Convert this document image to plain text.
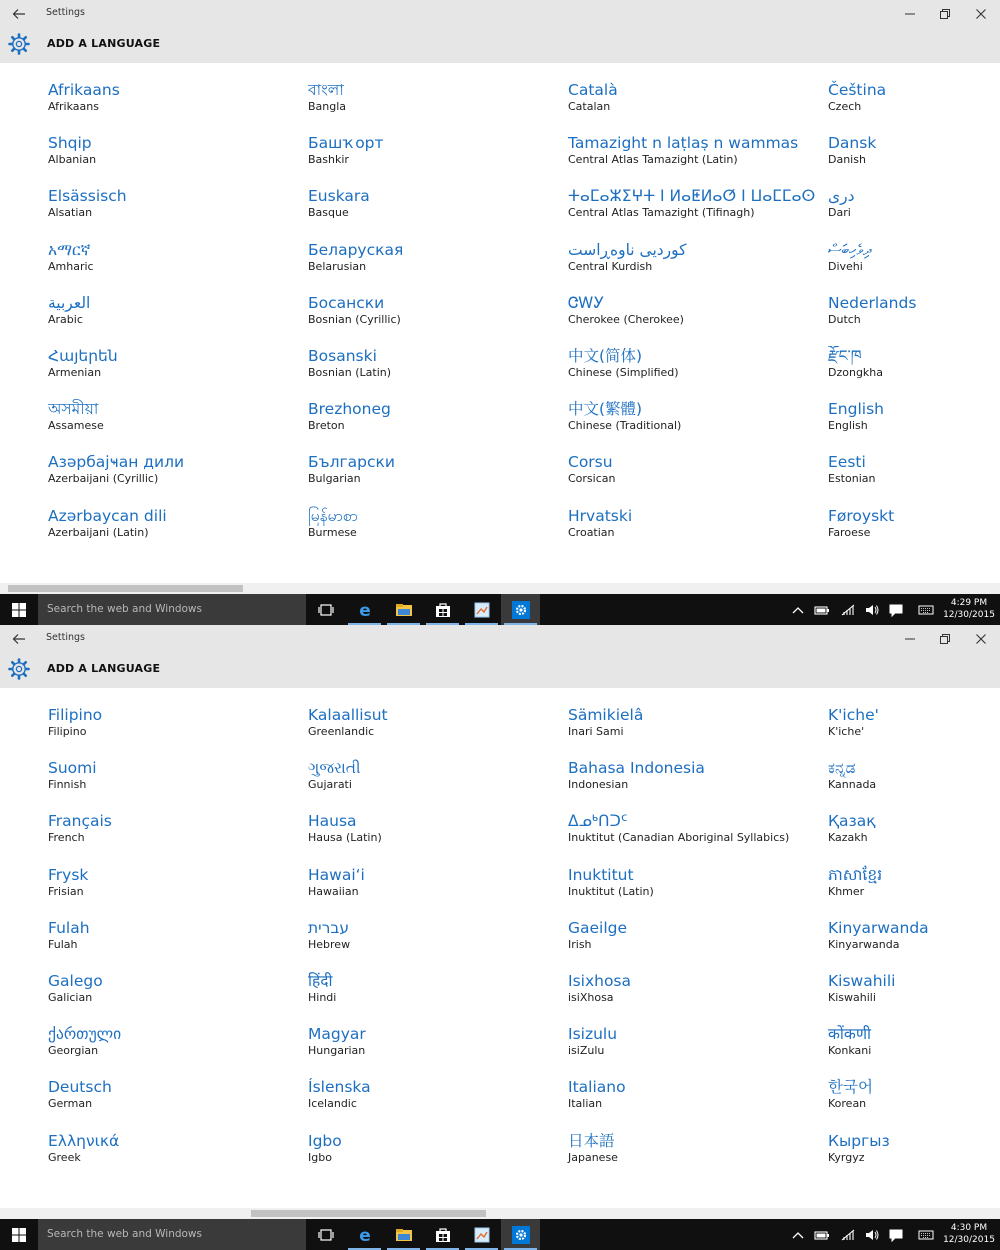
Settings
ADD A LANGUAGE
Afrikaans
Afrikaans
Shqip
Albanian
Elsässisch
Alsatian
አማርኛ
Amharic
العربية
Arabic
Հայերեն
Armenian
অসমীয়া
Assamese
Азәрбајҹан дили
Azerbaijani (Cyrillic)
Azərbaycan dili
Azerbaijani (Latin)
বাংলা
Bangla
Башҡорт
Bashkir
Euskara
Basque
Беларуская
Belarusian
Босански
Bosnian (Cyrillic)
Bosanski
Bosnian (Latin)
Brezhoneg
Breton
Български
Bulgarian
မြန်မာစာ
Burmese
Català
Catalan
Tamazight n laṭlaṣ n wammas
Central Atlas Tamazight (Latin)
ⵜⴰⵎⴰⵣⵉⵖⵜ ⵏ ⵍⴰⵟⵍⴰⵚ ⵏ ⵡⴰⵎⵎⴰⵙ
Central Atlas Tamazight (Tifinagh)
کوردیی ناوەڕاست
Central Kurdish
ᏣᎳᎩ
Cherokee (Cherokee)
中文(简体)
Chinese (Simplified)
中文(繁體)
Chinese (Traditional)
Corsu
Corsican
Hrvatski
Croatian
Čeština
Czech
Dansk
Danish
دری
Dari
ދިވެހިބަސް
Divehi
Nederlands
Dutch
རྫོང་ཁ
Dzongkha
English
English
Eesti
Estonian
Føroyskt
Faroese
Search the web and Windows	e	4:29 PM
12/30/2015
Settings
ADD A LANGUAGE
Filipino
Filipino
Suomi
Finnish
Français
French
Frysk
Frisian
Fulah
Fulah
Galego
Galician
ქართული
Georgian
Deutsch
German
Ελληνικά
Greek
Kalaallisut
Greenlandic
ગુજરાતી
Gujarati
Hausa
Hausa (Latin)
Hawaiʻi
Hawaiian
עברית
Hebrew
हिंदी
Hindi
Magyar
Hungarian
Íslenska
Icelandic
Igbo
Igbo
Sämikielâ
Inari Sami
Bahasa Indonesia
Indonesian
ᐃᓄᒃᑎᑐᑦ
Inuktitut (Canadian Aboriginal Syllabics)
Inuktitut
Inuktitut (Latin)
Gaeilge
Irish
Isixhosa
isiXhosa
Isizulu
isiZulu
Italiano
Italian
日本語
Japanese
K'iche'
K'iche'
ಕನ್ನಡ
Kannada
Қазақ
Kazakh
ភាសាខ្មែរ
Khmer
Kinyarwanda
Kinyarwanda
Kiswahili
Kiswahili
कोंकणी
Konkani
한국어
Korean
Кыргыз
Kyrgyz
Search the web and Windows	e	4:30 PM
12/30/2015
